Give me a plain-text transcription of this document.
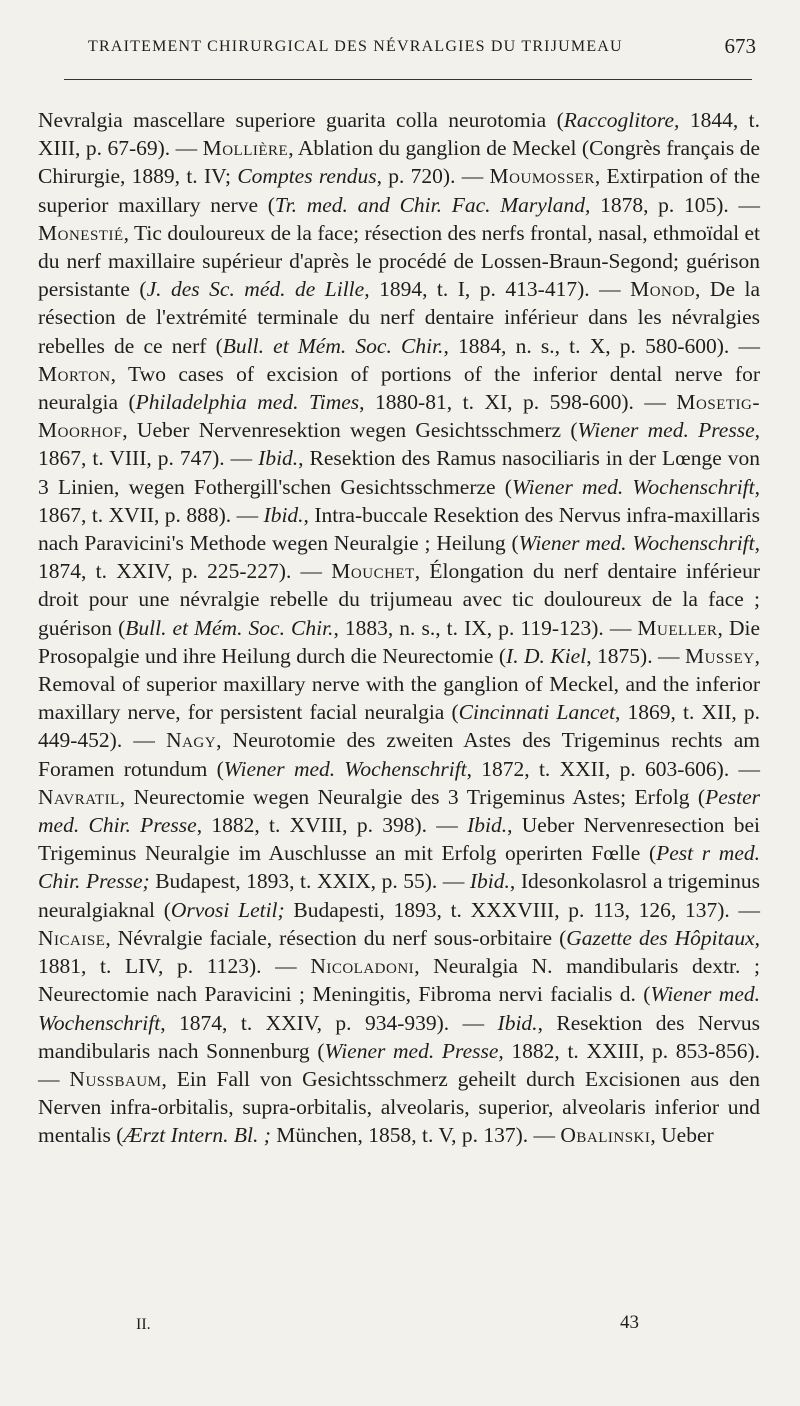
TRAITEMENT CHIRURGICAL DES NÉVRALGIES DU TRIJUMEAU	673
Nevralgia mascellare superiore guarita colla neurotomia (Raccoglitore, 1844, t. XIII, p. 67-69). — Mollière, Ablation du ganglion de Meckel (Congrès français de Chirurgie, 1889, t. IV; Comptes rendus, p. 720). — Moumosser, Extirpation of the superior maxillary nerve (Tr. med. and Chir. Fac. Maryland, 1878, p. 105). — Monestié, Tic douloureux de la face; résection des nerfs frontal, nasal, ethmoïdal et du nerf maxillaire supérieur d'après le procédé de Lossen-Braun-Segond; guérison persistante (J. des Sc. méd. de Lille, 1894, t. I, p. 413-417). — Monod, De la résection de l'extrémité terminale du nerf dentaire inférieur dans les névralgies rebelles de ce nerf (Bull. et Mém. Soc. Chir., 1884, n. s., t. X, p. 580-600). — Morton, Two cases of excision of portions of the inferior dental nerve for neuralgia (Philadelphia med. Times, 1880-81, t. XI, p. 598-600). — Mosetig-Moorhof, Ueber Nervenresektion wegen Gesichtsschmerz (Wiener med. Presse, 1867, t. VIII, p. 747). — Ibid., Resektion des Ramus nasociliaris in der Lœnge von 3 Linien, wegen Fothergill'schen Gesichtsschmerze (Wiener med. Wochenschrift, 1867, t. XVII, p. 888). — Ibid., Intra-buccale Resektion des Nervus infra-maxillaris nach Paravicini's Methode wegen Neuralgie ; Heilung (Wiener med. Wochenschrift, 1874, t. XXIV, p. 225-227). — Mouchet, Élongation du nerf dentaire inférieur droit pour une névralgie rebelle du trijumeau avec tic douloureux de la face ; guérison (Bull. et Mém. Soc. Chir., 1883, n. s., t. IX, p. 119-123). — Mueller, Die Prosopalgie und ihre Heilung durch die Neurectomie (I. D. Kiel, 1875). — Mussey, Removal of superior maxillary nerve with the ganglion of Meckel, and the inferior maxillary nerve, for persistent facial neuralgia (Cincinnati Lancet, 1869, t. XII, p. 449-452). — Nagy, Neurotomie des zweiten Astes des Trigeminus rechts am Foramen rotundum (Wiener med. Wochenschrift, 1872, t. XXII, p. 603-606). — Navratil, Neurectomie wegen Neuralgie des 3 Trigeminus Astes; Erfolg (Pester med. Chir. Presse, 1882, t. XVIII, p. 398). — Ibid., Ueber Nervenresection bei Trigeminus Neuralgie im Auschlusse an mit Erfolg operirten Fœlle (Pest r med. Chir. Presse; Budapest, 1893, t. XXIX, p. 55). — Ibid., Idesonkolasrol a trigeminus neuralgiaknal (Orvosi Letil; Budapesti, 1893, t. XXXVIII, p. 113, 126, 137). — Nicaise, Névralgie faciale, résection du nerf sous-orbitaire (Gazette des Hôpitaux, 1881, t. LIV, p. 1123). — Nicoladoni, Neuralgia N. mandibularis dextr. ; Neurectomie nach Paravicini ; Meningitis, Fibroma nervi facialis d. (Wiener med. Wochenschrift, 1874, t. XXIV, p. 934-939). — Ibid., Resektion des Nervus mandibularis nach Sonnenburg (Wiener med. Presse, 1882, t. XXIII, p. 853-856). — Nussbaum, Ein Fall von Gesichtsschmerz geheilt durch Excisionen aus den Nerven infra-orbitalis, supra-orbitalis, alveolaris, superior, alveolaris inferior und mentalis (Ærzt Intern. Bl. ; München, 1858, t. V, p. 137). — Obalinski, Ueber
II.	43
